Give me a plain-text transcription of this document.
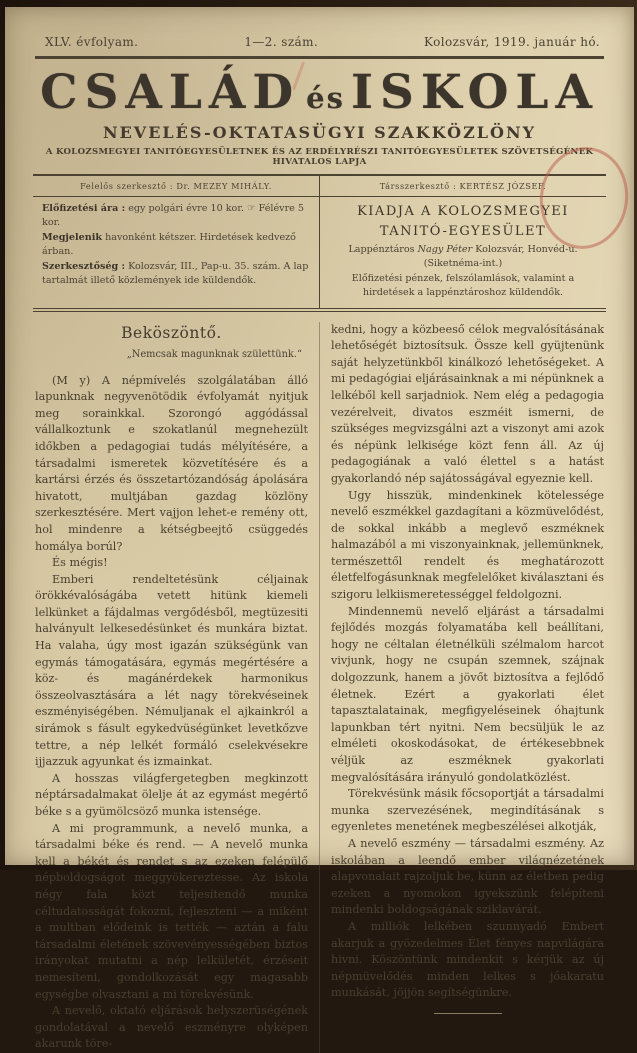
XLV. évfolyam.	1—2. szám.	Kolozsvár, 1919. január hó.
CSALÁD és ISKOLA
NEVELÉS-OKTATASÜGYI SZAKKÖZLÖNY
A KOLOZSMEGYEI TANITÓEGYESÜLETNEK ÉS AZ ERDÉLYRÉSZI TANITÓEGYESÜLETEK SZÖVETSÉGÉNEK HIVATALOS LAPJA
Felelős szerkesztő : Dr. MEZEY MIHÁLY.	Társszerkesztő : KERTÉSZ JÓZSEF.
Előfizetési ára : egy polgári évre 10 kor. ☞ Félévre 5 kor.
Megjelenik havonként kétszer. Hirdetések kedvező árban.
Szerkesztőség : Kolozsvár, III., Pap-u. 35. szám. A lap tartalmát illető közlemények ide küldendők.
KIADJA A KOLOZSMEGYEI TANITÓ-EGYESÜLET
Lappénztáros Nagy Péter Kolozsvár, Honvéd-u. (Siketnéma-int.)
Előfizetési pénzek, felszólamlások, valamint a hirdetések a lappénztároshoz küldendők.
Beköszöntő.
„Nemcsak magunknak születtünk.“

(M y) A népmívelés szolgálatában álló lapunknak negyvenötödik évfolyamát nyitjuk meg sorainkkal. Szorongó aggódással vállalkoztunk e szokatlanúl megnehezült időkben a pedagogiai tudás mélyítésére, a társadalmi ismeretek közvetítésére és a kartársi érzés és összetartózandóság ápolására hivatott, multjában gazdag közlöny szerkesztésére. Mert vajjon lehet-e remény ott, hol mindenre a kétségbeejtő csüggedés homálya borúl?

És mégis!

Emberi rendeltetésünk céljainak örökkévalóságába vetett hitünk kiemeli lelkünket a fájdalmas vergődésből, megtüzesiti halványult lelkesedésünket és munkára biztat. Ha valaha, úgy most igazán szükségünk van egymás támogatására, egymás megértésére a köz- és magánérdekek harmonikus összeolvasztására a lét nagy törekvéseinek eszményiségében. Némuljanak el ajkainkról a sirámok s fásult egykedvüségünket levetkőzve tettre, a nép lelkét formáló cselekvésekre ijjazzuk agyunkat és izmainkat.

A hosszas világfergetegben megkinzott néptársadalmakat ölelje át az egymást megértő béke s a gyümölcsöző munka istensége.

A mi programmunk, a nevelő munka, a társadalmi béke és rend. — A nevelő munka kell a békét és rendet s az ezeken felépülő népboldogságot meggyökereztesse. Az iskola négy fala közt teljesítendő munka céltudatosságát fokozni, fejleszteni — a miként a multban elődeink is tették — aztán a falu társadalmi életének szövevényességében biztos irányokat mutatni a nép lelkületét, érzéseit nemesíteni, gondolkozását egy magasabb egységbe olvasztani a mi törekvésünk.

A nevelő, oktató eljárások helyszerüségének gondolatával a nevelő eszményre olyképen akarunk töre-

kedni, hogy a közbeeső célok megvalósításának lehetőségét biztosítsuk. Össze kell gyüjtenünk saját helyzetünkből kinálkozó lehetőségeket. A mi pedagógiai eljárásainknak a mi népünknek a lelkéből kell sarjadniok. Nem elég a pedagogia vezérelveit, divatos eszméit ismerni, de szükséges megvizsgálni azt a viszonyt ami azok és népünk lelkisége közt fenn áll. Az új pedagogiának a való élettel s a hatást gyakorlandó nép sajátosságával egyeznie kell.

Ugy hisszük, mindenkinek kötelessége nevelő eszmékkel gazdagítani a közmüvelődést, de sokkal inkább a meglevő eszméknek halmazából a mi viszonyainknak, jellemünknek, természettől rendelt és meghatározott életfelfogásunknak megfelelőket kiválasztani és szigoru lelkiismeretességgel feldolgozni.

Mindennemü nevelő eljárást a társadalmi fejlődés mozgás folyamatába kell beállítani, hogy ne céltalan életnélküli szélmalom harcot vivjunk, hogy ne csupán szemnek, szájnak dolgozzunk, hanem a jövőt biztosítva a fejlődő életnek. Ezért a gyakorlati élet tapasztalatainak, megfigyeléseinek óhajtunk lapunkban tért nyitni. Nem becsüljük le az elméleti okoskodásokat, de értékesebbnek véljük az eszméknek gyakorlati megvalósítására irányuló gondolatközlést.

Törekvésünk másik főcsoportját a társadalmi munka szervezésének, megindításának s egyenletes menetének megbeszélései alkotják,

A nevelő eszmény — társadalmi eszmény. Az iskolában a leendő ember világnézetének alapvonalait rajzoljuk be, künn az életben pedig ezeken a nyomokon igyekszünk felépíteni mindenki boldogságának sziklavárát.

A milliók lelkében szunnyadó Embert akarjuk a gyözedelmes Élet fényes napvilágára hivni. Köszöntünk mindenkit s kérjük az új népmüvelődés minden lelkes s jóakaratu munkását, jöjjön segítségünkre.
